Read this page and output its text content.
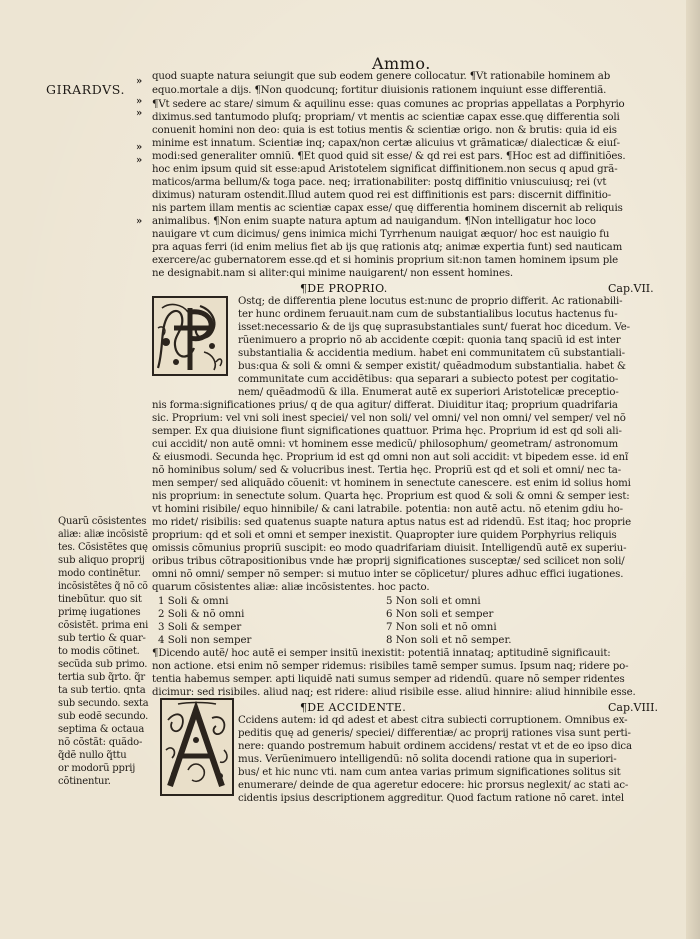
Ammo.
GIRARDVS.
»
»
»
»
»
»
quod suapte natura seiungit que sub eodem genere collocatur. ¶Vt rationabile hominem ab
equo.mortale a dijs. ¶Non quodcunq; fortitur diuisionis rationem inquiunt esse differentiã.
¶Vt sedere ac stare/ simum & aquilinu esse: quas comunes ac proprias appellatas a Porphyrio
diximus.sed tantumodo pluſq; propriam/ vt mentis ac scientiæ capax esse.quę differentia soli
conuenit homini non deo: quia is est totius mentis & scientiæ origo. non & brutis: quia id eis
minime est innatum. Scientiæ inq; capax/non certæ alicuius vt grãmaticæ/ dialecticæ & eiuſ-
modi:sed generaliter omniũ. ¶Et quod quid sit esse/ & qd rei est pars. ¶Hoc est ad diffinitiões.
hoc enim ipsum quid sit esse:apud Aristotelem significat diffinitionem.non secus q apud grã-
maticos/arma bellum/& toga pace. neq; irrationabiliter: postq diffinitio vniuscuiusq; rei (vt
diximus) naturam ostendit.Illud autem quod rei est diffinitionis est pars: discernit diffinitio-
nis partem illam mentis ac scientiæ capax esse/ quę differentia hominem discernit ab reliquis
animalibus. ¶Non enim suapte natura aptum ad nauigandum. ¶Non intelligatur hoc loco
nauigare vt cum dicimus/ gens inimica michi Tyrrhenum nauigat æquor/ hoc est nauigio fu
pra aquas ferri (id enim melius fiet ab ijs quę rationis atq; animæ expertia funt) sed nauticam
exercere/ac gubernatorem esse.qd et si hominis proprium sit:non tamen hominem ipsum ple
ne designabit.nam si aliter:qui minime nauigarent/ non essent homines.
¶DE PROPRIO.	Cap.VII.
Ostq; de differentia plene locutus est:nunc de proprio differit. Ac rationabili-
ter hunc ordinem feruauit.nam cum de substantialibus locutus hactenus fu-
isset:necessario & de ijs quę suprasubstantiales sunt/ fuerat hoc dicedum. Ve-
rũenimuero a proprio nõ ab accidente cœpit: quonia tanq spaciũ id est inter
substantialia & accidentia medium. habet eni communitatem cũ substantiali-
bus:qua & soli & omni & semper existit/ quẽadmodum substantialia. habet &
communitate cum accidẽtibus: qua separari a subiecto potest per cogitatio-
nem/ quẽadmodũ & illa. Enumerat autẽ ex superiori Aristotelicæ preceptio-
nis forma:significationes prius/ q de qua agitur/ differat. Diuiditur itaq; proprium quadrifaria
sic. Proprium: vel vni soli inest speciei/ vel non soli/ vel omni/ vel non omni/ vel semper/ vel nõ
semper. Ex qua diuisione fiunt significationes quattuor. Prima hęc. Proprium id est qd soli ali-
cui accidit/ non autẽ omni: vt hominem esse medicũ/ philosophum/ geometram/ astronomum
& eiusmodi. Secunda hęc. Proprium id est qd omni non aut soli accidit: vt bipedem esse. id enĩ
nõ hominibus solum/ sed & volucribus inest. Tertia hęc. Propriũ est qd et soli et omni/ nec ta-
men semper/ sed aliquãdo cõuenit: vt hominem in senectute canescere. est enim id solius homi
nis proprium: in senectute solum. Quarta hęc. Proprium est quod & soli & omni & semper iest:
vt homini risibile/ equo hinnibile/ & cani latrabile. potentia: non autẽ actu. nõ etenim gdiu ho-
mo ridet/ risibilis: sed quatenus suapte natura aptus natus est ad ridendũ. Est itaq; hoc proprie
proprium: qd et soli et omni et semper inexistit. Quapropter iure quidem Porphyrius reliquis
omissis cõmunius propriũ suscipit: eo modo quadrifariam diuisit. Intelligendũ autẽ ex superiu-
oribus tribus cõtrapositionibus vnde hæ proprij significationes susceptæ/ sed scilicet non soli/
omni nõ omni/ semper nõ semper: si mutuo inter se cõplicetur/ plures adhuc effici iugationes.
quarum cõsistentes aliæ: aliæ incõsistentes. hoc pacto.
1 Soli & omni
2 Soli & nõ omni
3 Soli & semper
4 Soli non semper
5 Non soli et omni
6 Non soli et semper
7 Non soli et nõ omni
8 Non soli et nõ semper.
¶Dicendo autẽ/ hoc autẽ ei semper insitũ inexistit: potentiã innataq; aptitudinẽ significauit:
non actione. etsi enim nõ semper ridemus: risibiles tamẽ semper sumus. Ipsum naq; ridere po-
tentia habemus semper. apti liquidẽ nati sumus semper ad ridendũ. quare nõ semper ridentes
dicimur: sed risibiles. aliud naq; est ridere: aliud risibile esse. aliud hinnire: aliud hinnibile esse.
¶DE ACCIDENTE.	Cap.VIII.
Ccidens autem: id qd adest et abest citra subiecti corruptionem. Omnibus ex-
peditis quę ad generis/ speciei/ differentiæ/ ac proprij rationes visa sunt perti-
nere: quando postremum habuit ordinem accidens/ restat vt et de eo ipso dica
mus. Verũenimuero intelligendũ: nõ solita docendi ratione qua in superiori-
bus/ et hic nunc vti. nam cum antea varias primum significationes solitus sit
enumerare/ deinde de qua ageretur edocere: hic prorsus neglexit/ ac stati ac-
cidentis ipsius descriptionem aggreditur. Quod factum ratione nõ caret. intel
Quarũ cõsistentes
aliæ: aliæ incõsistẽ
tes. Cõsistẽtes quę
sub aliquo proprij
modo continẽtur.
incõsistẽtes q̃ nõ cõ
tinebũtur. quo sit
primę iugationes
cõsistẽt. prima eni
sub tertio & quar-
to modis cõtinet.
secũda sub primo.
tertia sub q̃rto. q̃r
ta sub tertio. qnta
sub secundo. sexta
sub eodẽ secundo.
septima & octaua
nõ cõstãt: quãdo-
q̃dẽ nullo q̃ttu
or modorũ pprij
cõtinentur.
